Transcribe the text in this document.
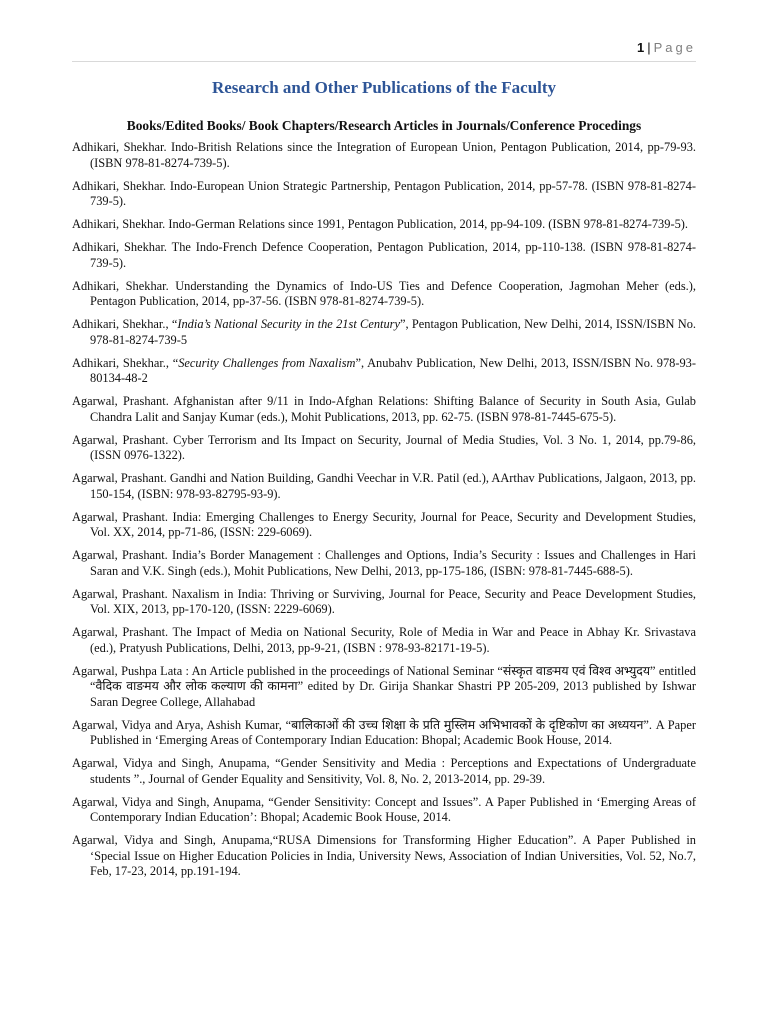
1 | Page
Research and Other Publications of the Faculty
Books/Edited Books/ Book Chapters/Research Articles in Journals/Conference Procedings

Adhikari, Shekhar. Indo-British Relations since the Integration of European Union, Pentagon Publication, 2014, pp-79-93. (ISBN 978-81-8274-739-5).

Adhikari, Shekhar. Indo-European Union Strategic Partnership, Pentagon Publication, 2014, pp-57-78. (ISBN 978-81-8274-739-5).

Adhikari, Shekhar. Indo-German Relations since 1991, Pentagon Publication, 2014, pp-94-109. (ISBN 978-81-8274-739-5).

Adhikari, Shekhar. The Indo-French Defence Cooperation, Pentagon Publication, 2014, pp-110-138. (ISBN 978-81-8274-739-5).

Adhikari, Shekhar. Understanding the Dynamics of Indo-US Ties and Defence Cooperation, Jagmohan Meher (eds.), Pentagon Publication, 2014, pp-37-56. (ISBN 978-81-8274-739-5).

Adhikari, Shekhar., “India’s National Security in the 21st Century”, Pentagon Publication, New Delhi, 2014, ISSN/ISBN No. 978-81-8274-739-5

Adhikari, Shekhar., “Security Challenges from Naxalism”, Anubahv Publication, New Delhi, 2013, ISSN/ISBN No. 978-93-80134-48-2

Agarwal, Prashant. Afghanistan after 9/11 in Indo-Afghan Relations: Shifting Balance of Security in South Asia, Gulab Chandra Lalit and Sanjay Kumar (eds.), Mohit Publications, 2013, pp. 62-75. (ISBN 978-81-7445-675-5).

Agarwal, Prashant. Cyber Terrorism and Its Impact on Security, Journal of Media Studies, Vol. 3 No. 1, 2014, pp.79-86, (ISSN 0976-1322).

Agarwal, Prashant. Gandhi and Nation Building, Gandhi Veechar in V.R. Patil (ed.), AArthav Publications, Jalgaon, 2013, pp. 150-154, (ISBN: 978-93-82795-93-9).

Agarwal, Prashant. India: Emerging Challenges to Energy Security, Journal for Peace, Security and Development Studies, Vol. XX, 2014, pp-71-86, (ISSN: 229-6069).

Agarwal, Prashant. India’s Border Management : Challenges and Options, India’s Security : Issues and Challenges in Hari Saran and V.K. Singh (eds.), Mohit Publications, New Delhi, 2013, pp-175-186, (ISBN: 978-81-7445-688-5).

Agarwal, Prashant. Naxalism in India: Thriving or Surviving, Journal for Peace, Security and Peace Development Studies, Vol. XIX, 2013, pp-170-120, (ISSN: 2229-6069).

Agarwal, Prashant. The Impact of Media on National Security, Role of Media in War and Peace in Abhay Kr. Srivastava (ed.), Pratyush Publications, Delhi, 2013, pp-9-21, (ISBN : 978-93-82171-19-5).

Agarwal, Pushpa Lata : An Article published in the proceedings of National Seminar “संस्कृत वाङमय एवं विश्व अभ्युदय” entitled “वैदिक वाङमय और लोक कल्याण की कामना” edited by Dr. Girija Shankar Shastri PP 205-209, 2013 published by Ishwar Saran Degree College, Allahabad

Agarwal, Vidya and Arya, Ashish Kumar, “बालिकाओं की उच्च शिक्षा के प्रति मुस्लिम अभिभावकों के दृष्टिकोण का अध्ययन”. A Paper Published in ‘Emerging Areas of Contemporary Indian Education: Bhopal; Academic Book House, 2014.

Agarwal, Vidya and Singh, Anupama, “Gender Sensitivity and Media : Perceptions and Expectations of Undergraduate students ”., Journal of Gender Equality and Sensitivity, Vol. 8, No. 2, 2013-2014, pp. 29-39.

Agarwal, Vidya and Singh, Anupama, “Gender Sensitivity: Concept and Issues”. A Paper Published in ‘Emerging Areas of Contemporary Indian Education’: Bhopal; Academic Book House, 2014.

Agarwal, Vidya and Singh, Anupama,“RUSA Dimensions for Transforming Higher Education”. A Paper Published in ‘Special Issue on Higher Education Policies in India, University News, Association of Indian Universities, Vol. 52, No.7, Feb, 17-23, 2014, pp.191-194.
